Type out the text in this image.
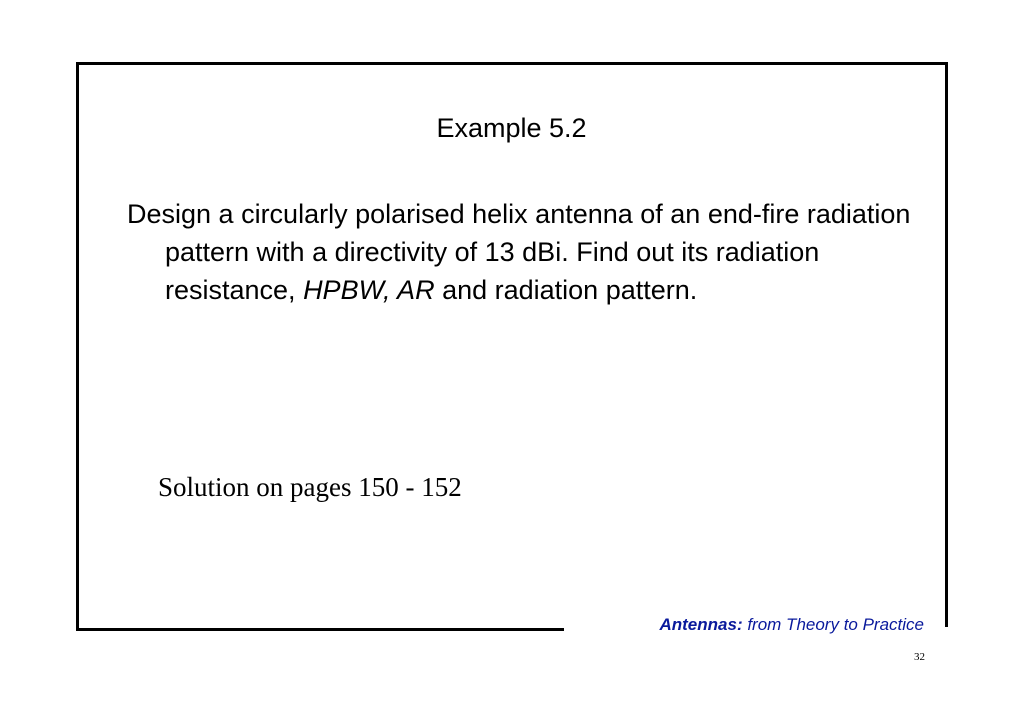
Example 5.2

Design a circularly polarised helix antenna of an end-fire radiation pattern with a directivity of 13 dBi. Find out its radiation resistance, HPBW, AR and radiation pattern.

Solution on pages 150 - 152

Antennas: from Theory to Practice
32
